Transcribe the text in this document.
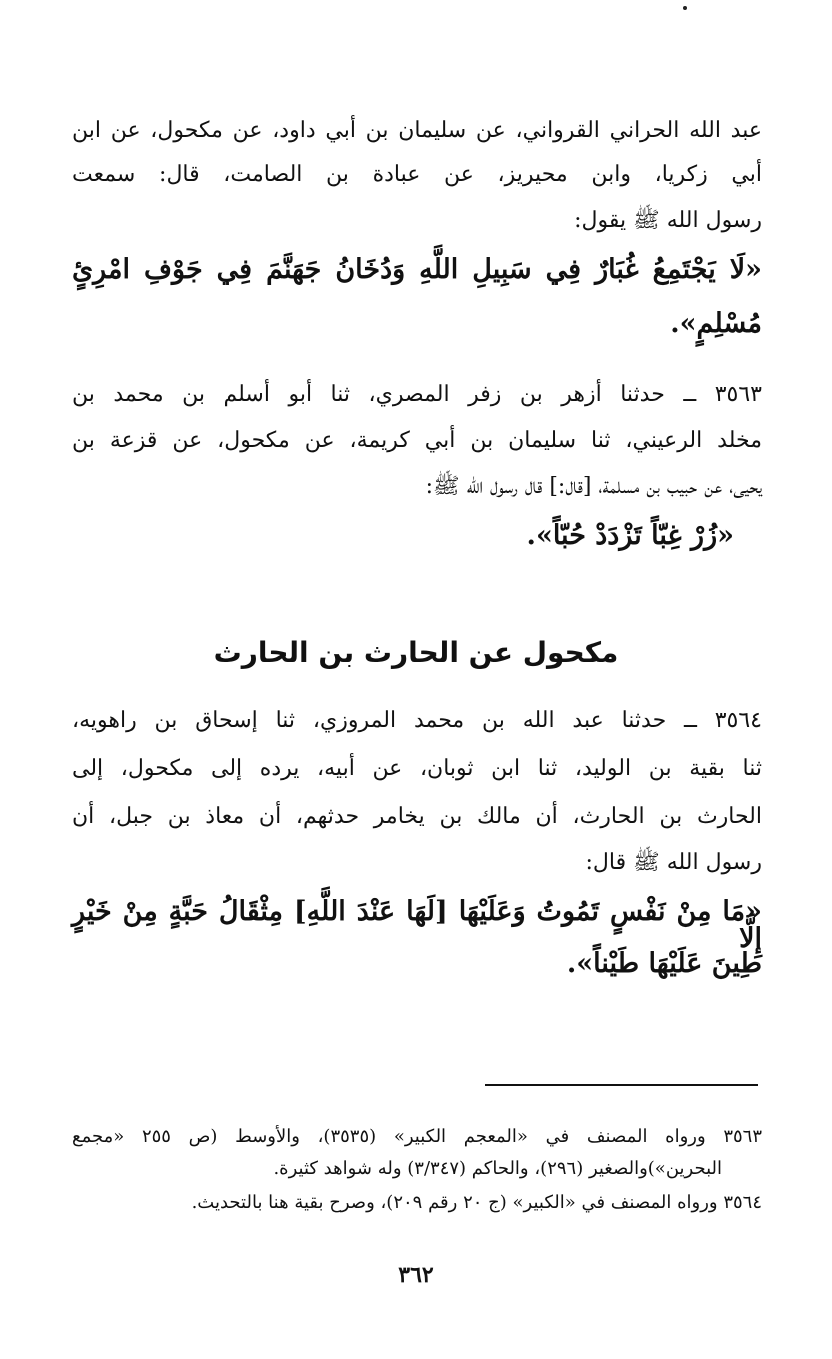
عبد الله الحراني القرواني، عن سليمان بن أبي داود، عن مكحول، عن ابن
أبي زكريا، وابن محيريز، عن عبادة بن الصامت، قال: سمعت
رسول الله ﷺ يقول:
«لَا يَجْتَمِعُ غُبَارٌ فِي سَبِيلِ اللَّهِ وَدُخَانُ جَهَنَّمَ فِي جَوْفِ امْرِئٍ
مُسْلِمٍ».
٣٥٦٣ ــ حدثنا أزهر بن زفر المصري، ثنا أبو أسلم بن محمد بن
مخلد الرعيني، ثنا سليمان بن أبي كريمة، عن مكحول، عن قزعة بن
يحيى، عن حبيب بن مسلمة، [قال:] قال رسول الله ﷺ:
«زُرْ غِبّاً تَزْدَدْ حُبّاً».
مكحول عن الحارث بن الحارث
٣٥٦٤ ــ حدثنا عبد الله بن محمد المروزي، ثنا إسحاق بن راهويه،
ثنا بقية بن الوليد، ثنا ابن ثوبان، عن أبيه، يرده إلى مكحول، إلى
الحارث بن الحارث، أن مالك بن يخامر حدثهم، أن معاذ بن جبل، أن
رسول الله ﷺ قال:
«مَا مِنْ نَفْسٍ تَمُوتُ وَعَلَيْهَا [لَهَا عَنْدَ اللَّهِ] مِثْقَالُ حَبَّةٍ مِنْ خَيْرٍ إِلَّا
طِينَ عَلَيْهَا طَيْناً».
٣٥٦٣ ورواه المصنف في «المعجم الكبير» (٣٥٣٥)، والأوسط (ص ٢٥٥ «مجمع
البحرين»)والصغير (٢٩٦)، والحاكم (٣/٣٤٧) وله شواهد كثيرة.
٣٥٦٤ ورواه المصنف في «الكبير» (ج ٢٠ رقم ٢٠٩)، وصرح بقية هنا بالتحديث.
٣٦٢
